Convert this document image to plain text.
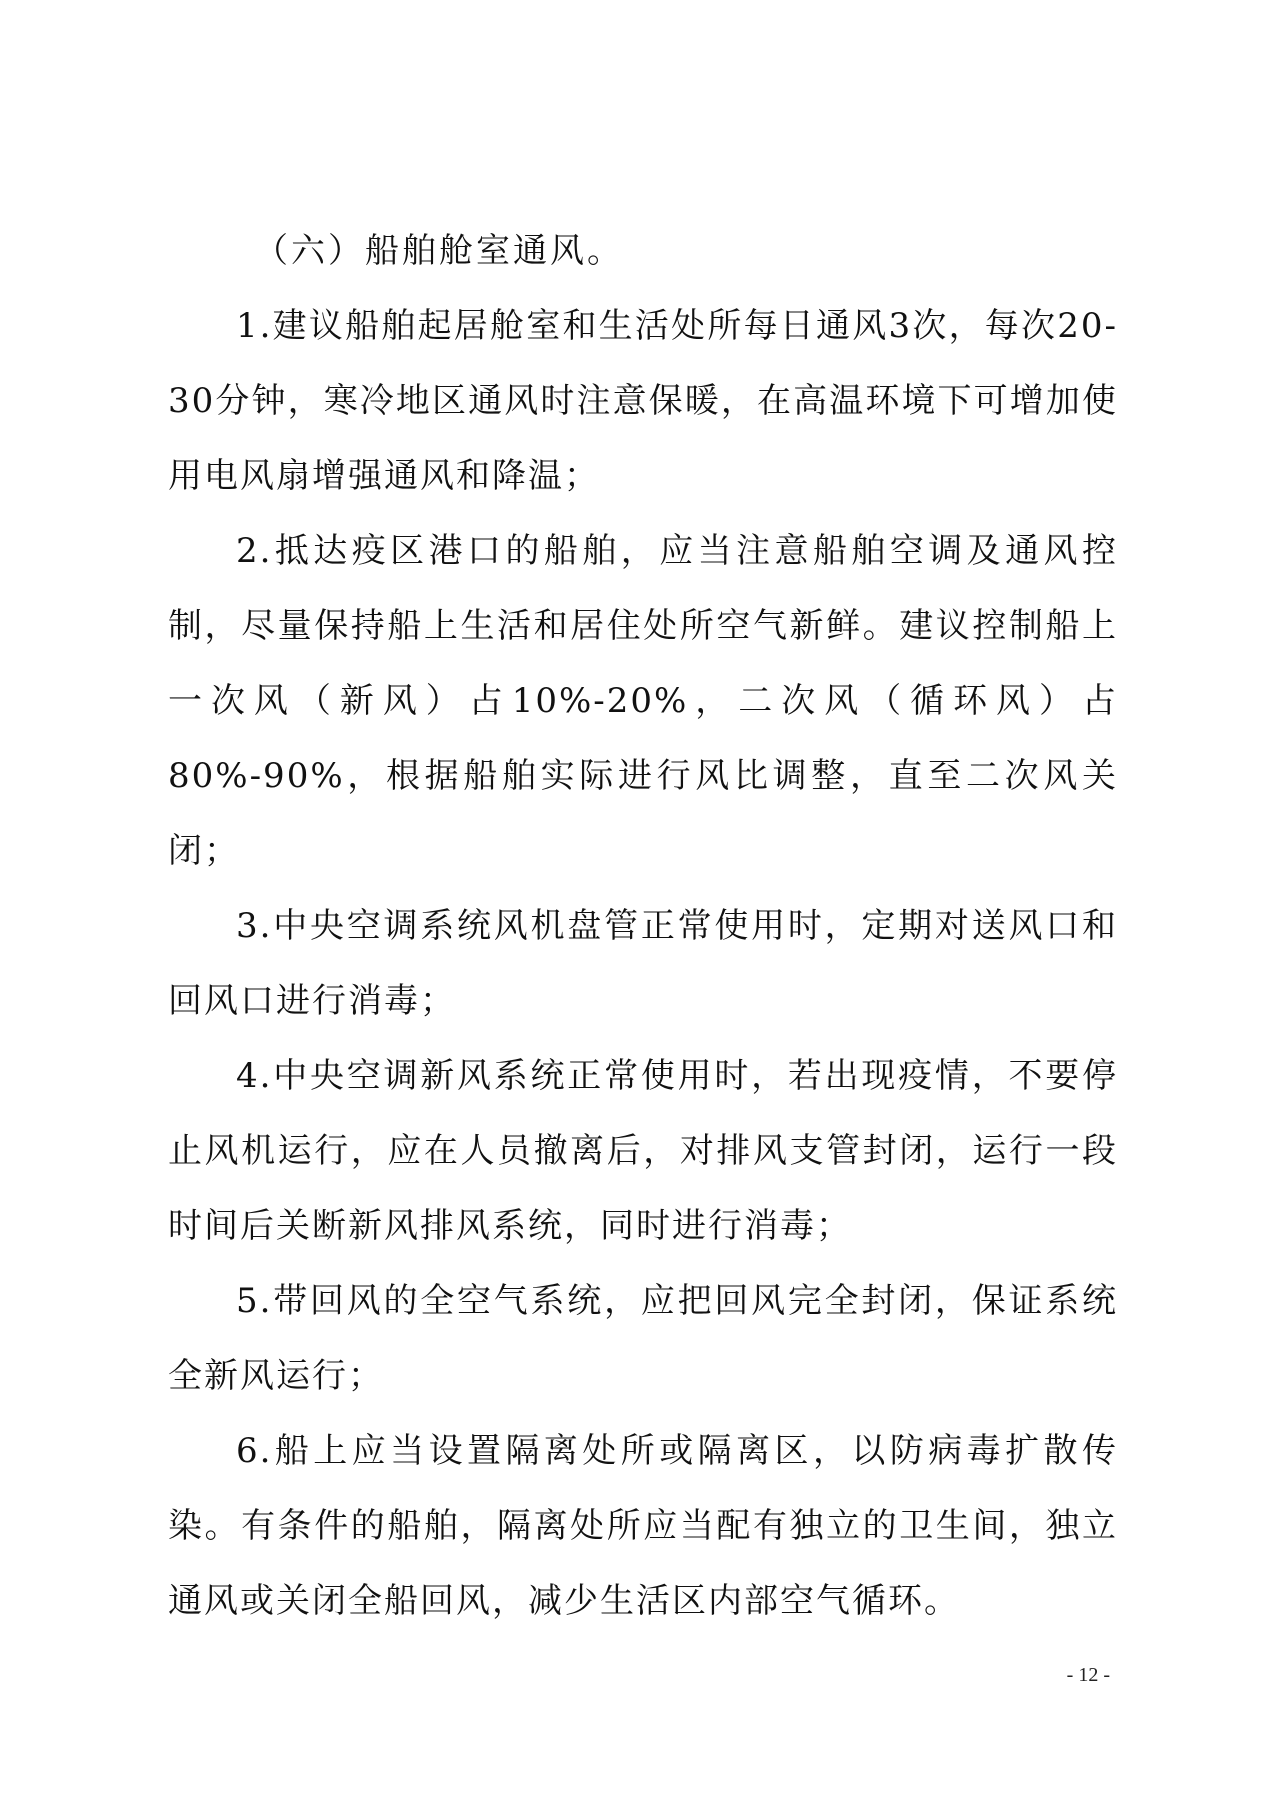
（六）船舶舱室通风。

1.建议船舶起居舱室和生活处所每日通风3次，每次20-30分钟，寒冷地区通风时注意保暖，在高温环境下可增加使用电风扇增强通风和降温；

2.抵达疫区港口的船舶，应当注意船舶空调及通风控制，尽量保持船上生活和居住处所空气新鲜。建议控制船上一次风（新风）占10%-20%，二次风（循环风）占80%-90%，根据船舶实际进行风比调整，直至二次风关闭；

3.中央空调系统风机盘管正常使用时，定期对送风口和回风口进行消毒；

4.中央空调新风系统正常使用时，若出现疫情，不要停止风机运行，应在人员撤离后，对排风支管封闭，运行一段时间后关断新风排风系统，同时进行消毒；

5.带回风的全空气系统，应把回风完全封闭，保证系统全新风运行；

6.船上应当设置隔离处所或隔离区，以防病毒扩散传染。有条件的船舶，隔离处所应当配有独立的卫生间，独立通风或关闭全船回风，减少生活区内部空气循环。

- 12 -
